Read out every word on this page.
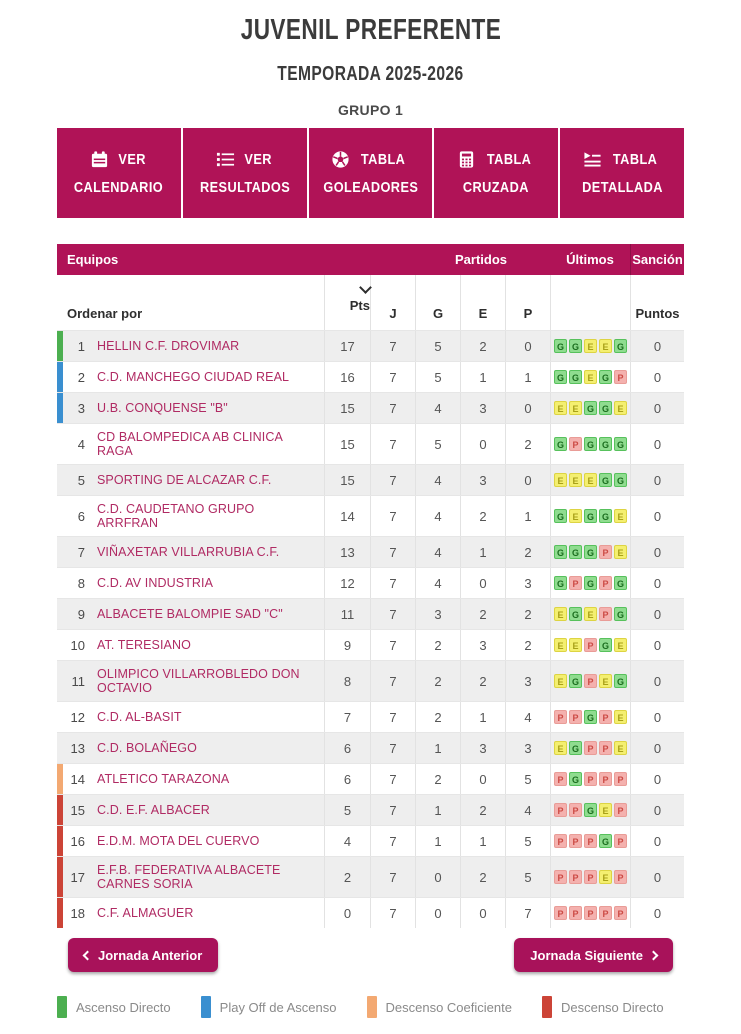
JUVENIL PREFERENTE
TEMPORADA 2025-2026
GRUPO 1
VER
CALENDARIO
VER
RESULTADOS
TABLA
GOLEADORES
TABLA
CRUZADA
TABLA
DETALLADA
Equipos	Partidos	Últimos	Sanción
Ordenar por
Pts
J	G	E	P	Puntos
1 HELLIN C.F. DROVIMAR	17	7	5	2	0	G G E E G	0
2 C.D. MANCHEGO CIUDAD REAL	16	7	5	1	1	G G E G P	0
3 U.B. CONQUENSE "B"	15	7	4	3	0	E E G G E	0
4 CD BALOMPEDICA AB CLINICA RAGA	15	7	5	0	2	G P G G G	0
5 SPORTING DE ALCAZAR C.F.	15	7	4	3	0	E E E G G	0
6 C.D. CAUDETANO GRUPO ARRFRAN	14	7	4	2	1	G E G G E	0
7 VIÑAXETAR VILLARRUBIA C.F.	13	7	4	1	2	G G G P E	0
8 C.D. AV INDUSTRIA	12	7	4	0	3	G P G P G	0
9 ALBACETE BALOMPIE SAD "C"	11	7	3	2	2	E G E P G	0
10 AT. TERESIANO	9	7	2	3	2	E E P G E	0
11 OLIMPICO VILLARROBLEDO DON OCTAVIO	8	7	2	2	3	E G P E G	0
12 C.D. AL-BASIT	7	7	2	1	4	P P G P E	0
13 C.D. BOLAÑEGO	6	7	1	3	3	E G P P E	0
14 ATLETICO TARAZONA	6	7	2	0	5	P G P P P	0
15 C.D. E.F. ALBACER	5	7	1	2	4	P P G E P	0
16 E.D.M. MOTA DEL CUERVO	4	7	1	1	5	P P P G P	0
17 E.F.B. FEDERATIVA ALBACETE CARNES SORIA	2	7	0	2	5	P P P E P	0
18 C.F. ALMAGUER	0	7	0	0	7	P P P P P	0
Jornada Anterior	Jornada Siguiente
Ascenso Directo	Play Off de Ascenso	Descenso Coeficiente	Descenso Directo
